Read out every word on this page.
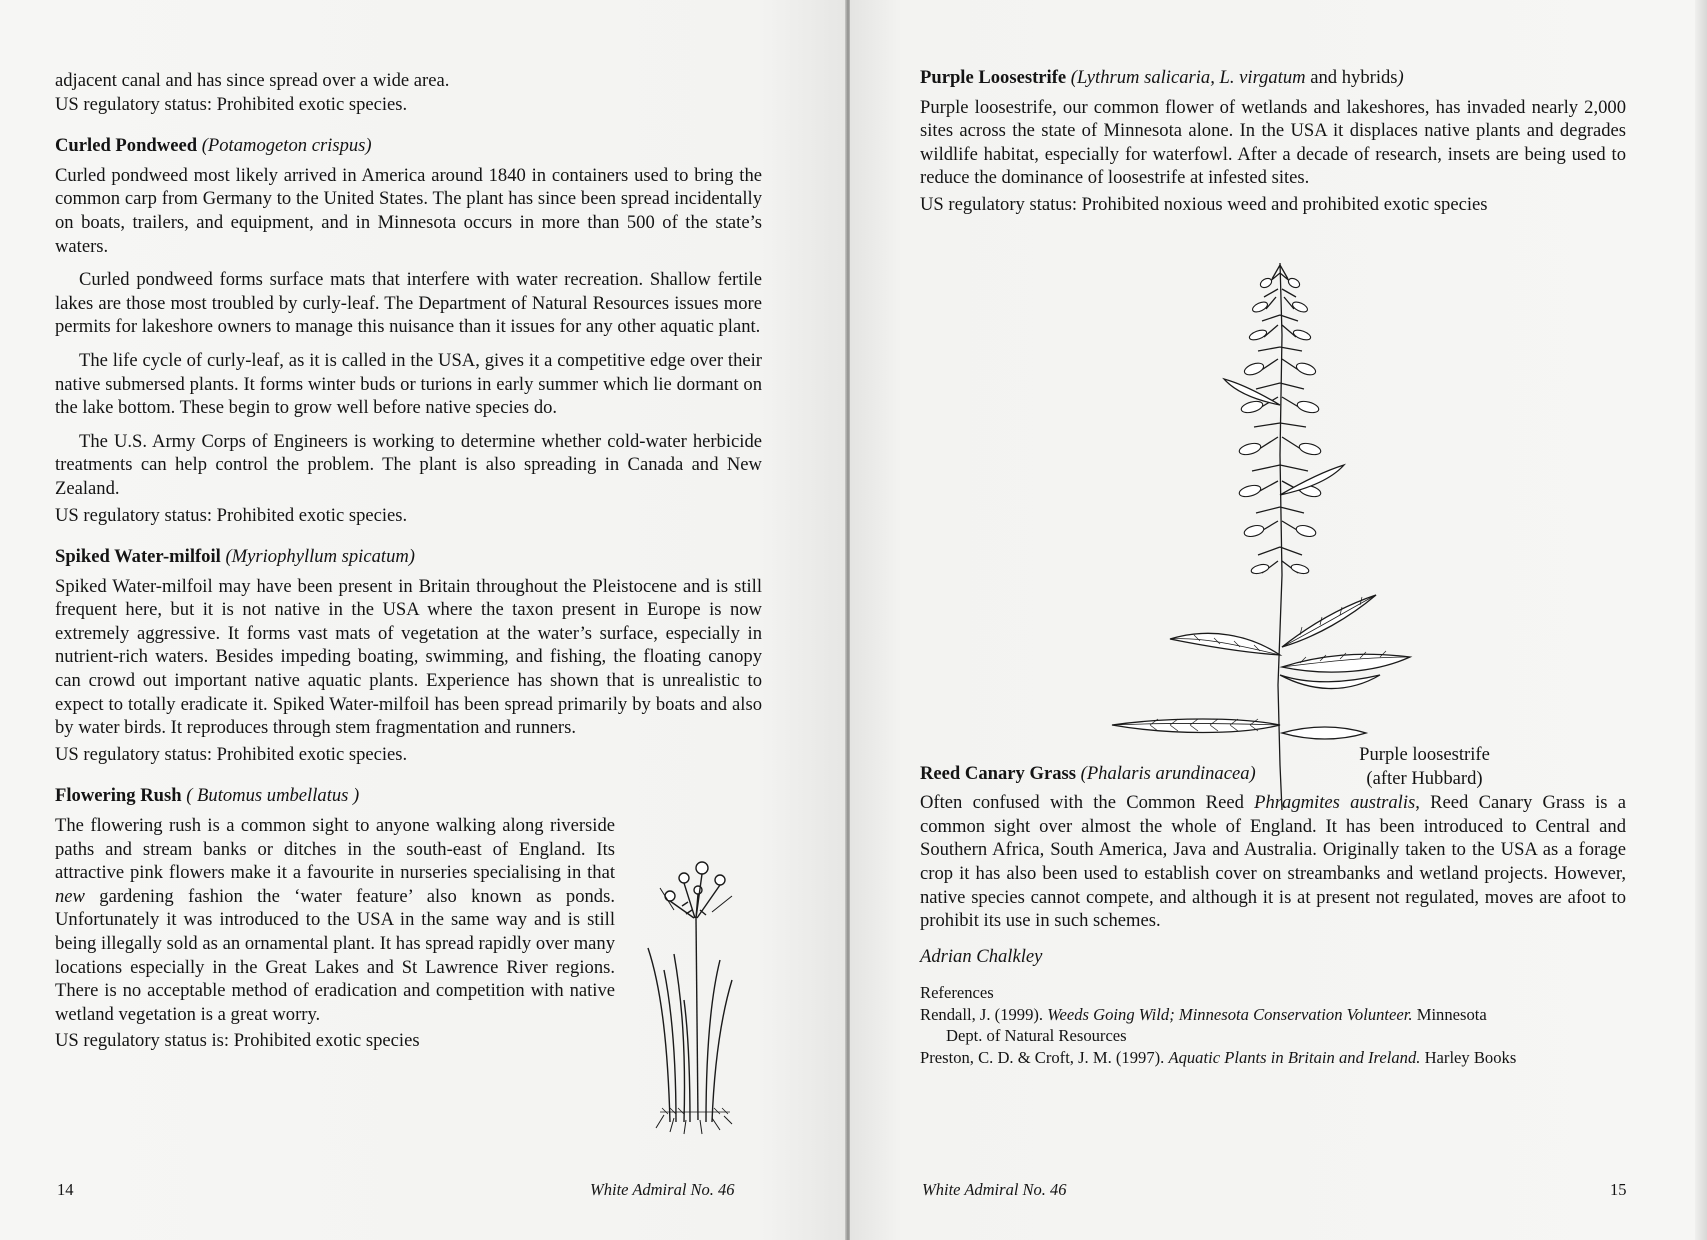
adjacent canal and has since spread over a wide area.

US regulatory status: Prohibited exotic species.

Curled Pondweed (Potamogeton crispus)

Curled pondweed most likely arrived in America around 1840 in containers used to bring the common carp from Germany to the United States. The plant has since been spread incidentally on boats, trailers, and equipment, and in Minnesota occurs in more than 500 of the state’s waters.

Curled pondweed forms surface mats that interfere with water recreation. Shallow fertile lakes are those most troubled by curly-leaf. The Department of Natural Resources issues more permits for lakeshore owners to manage this nuisance than it issues for any other aquatic plant.

The life cycle of curly-leaf, as it is called in the USA, gives it a competitive edge over their native submersed plants. It forms winter buds or turions in early summer which lie dormant on the lake bottom. These begin to grow well before native species do.

The U.S. Army Corps of Engineers is working to determine whether cold-water herbicide treatments can help control the problem. The plant is also spreading in Canada and New Zealand.

US regulatory status: Prohibited exotic species.

Spiked Water-milfoil (Myriophyllum spicatum)

Spiked Water-milfoil may have been present in Britain throughout the Pleistocene and is still frequent here, but it is not native in the USA where the taxon present in Europe is now extremely aggressive. It forms vast mats of vegetation at the water’s surface, especially in nutrient-rich waters. Besides impeding boating, swimming, and fishing, the floating canopy can crowd out important native aquatic plants. Experience has shown that is unrealistic to expect to totally eradicate it. Spiked Water-milfoil has been spread primarily by boats and also by water birds. It reproduces through stem fragmentation and runners.

US regulatory status: Prohibited exotic species.

Flowering Rush ( Butomus umbellatus )

The flowering rush is a common sight to anyone walking along riverside paths and stream banks or ditches in the south-east of England. Its attractive pink flowers make it a favourite in nurseries specialising in that new gardening fashion the ‘water feature’ also known as ponds. Unfortunately it was introduced to the USA in the same way and is still being illegally sold as an ornamental plant. It has spread rapidly over many locations especially in the Great Lakes and St Lawrence River regions. There is no acceptable method of eradication and competition with native wetland vegetation is a great worry.

US regulatory status is: Prohibited exotic species

14	White Admiral No. 46

Purple Loosestrife (Lythrum salicaria, L. virgatum and hybrids)

Purple loosestrife, our common flower of wetlands and lakeshores, has invaded nearly 2,000 sites across the state of Minnesota alone. In the USA it displaces native plants and degrades wildlife habitat, especially for waterfowl. After a decade of research, insets are being used to reduce the dominance of loosestrife at infested sites.

US regulatory status: Prohibited noxious weed and prohibited exotic species

Reed Canary Grass (Phalaris arundinacea)

Often confused with the Common Reed Phragmites australis, Reed Canary Grass is a common sight over almost the whole of England. It has been introduced to Central and Southern Africa, South America, Java and Australia. Originally taken to the USA as a forage crop it has also been used to establish cover on streambanks and wetland projects. However, native species cannot compete, and although it is at present not regulated, moves are afoot to prohibit its use in such schemes.

Adrian Chalkley

References

Rendall, J. (1999). Weeds Going Wild; Minnesota Conservation Volunteer. Minnesota

Dept. of Natural Resources

Preston, C. D. & Croft, J. M. (1997). Aquatic Plants in Britain and Ireland. Harley Books

Purple loosestrife
(after Hubbard)
White Admiral No. 46	15
